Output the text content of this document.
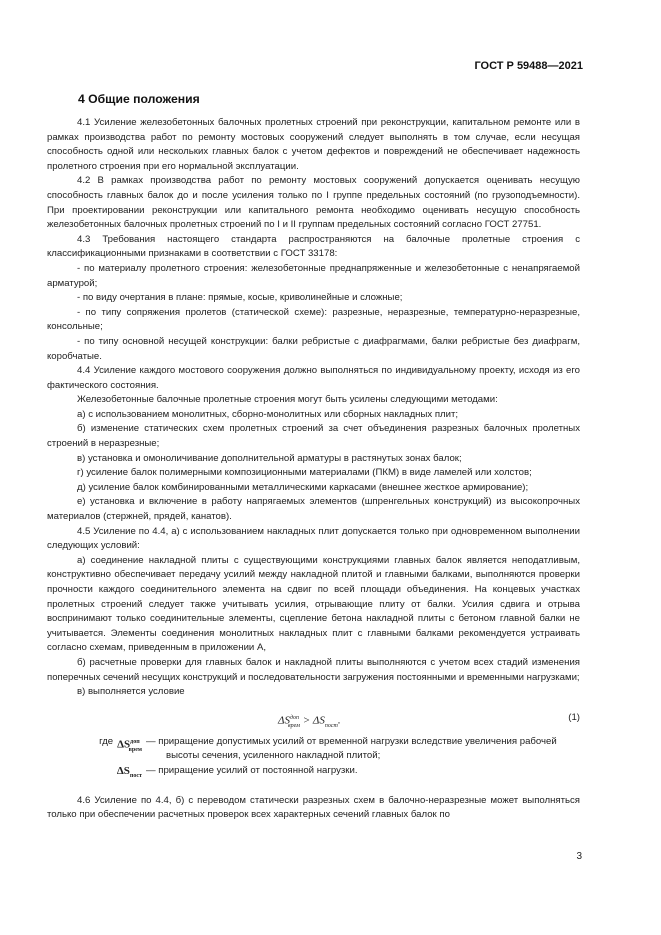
ГОСТ Р 59488—2021
4 Общие положения

4.1 Усиление железобетонных балочных пролетных строений при реконструкции, капитальном ремонте или в рамках производства работ по ремонту мостовых сооружений следует выполнять в том случае, если несущая способность одной или нескольких главных балок с учетом дефектов и повреждений не обеспечивает надежность пролетного строения при его нормальной эксплуатации.

4.2 В рамках производства работ по ремонту мостовых сооружений допускается оценивать несущую способность главных балок до и после усиления только по I группе предельных состояний (по грузоподъемности). При проектировании реконструкции или капитального ремонта необходимо оценивать несущую способность железобетонных балочных пролетных строений по I и II группам предельных состояний согласно ГОСТ 27751.

4.3 Требования настоящего стандарта распространяются на балочные пролетные строения с классификационными признаками в соответствии с ГОСТ 33178:

- по материалу пролетного строения: железобетонные преднапряженные и железобетонные с ненапрягаемой арматурой;

- по виду очертания в плане: прямые, косые, криволинейные и сложные;

- по типу сопряжения пролетов (статической схеме): разрезные, неразрезные, температурно-неразрезные, консольные;

- по типу основной несущей конструкции: балки ребристые с диафрагмами, балки ребристые без диафрагм, коробчатые.

4.4 Усиление каждого мостового сооружения должно выполняться по индивидуальному проекту, исходя из его фактического состояния.

Железобетонные балочные пролетные строения могут быть усилены следующими методами:

а) с использованием монолитных, сборно-монолитных или сборных накладных плит;

б) изменение статических схем пролетных строений за счет объединения разрезных балочных пролетных строений в неразрезные;

в) установка и омоноличивание дополнительной арматуры в растянутых зонах балок;

г) усиление балок полимерными композиционными материалами (ПКМ) в виде ламелей или холстов;

д) усиление балок комбинированными металлическими каркасами (внешнее жесткое армирование);

е) установка и включение в работу напрягаемых элементов (шпренгельных конструкций) из высокопрочных материалов (стержней, прядей, канатов).

4.5 Усиление по 4.4, а) с использованием накладных плит допускается только при одновременном выполнении следующих условий:

а) соединение накладной плиты с существующими конструкциями главных балок является неподатливым, конструктивно обеспечивает передачу усилий между накладной плитой и главными балками, выполняются проверки прочности каждого соединительного элемента на сдвиг по всей площади объединения. На концевых участках пролетных строений следует также учитывать усилия, отрывающие плиту от балки. Усилия сдвига и отрыва воспринимают только соединительные элементы, сцепление бетона накладной плиты с бетоном главной балки не учитывается. Элементы соединения монолитных накладных плит с главными балками рекомендуется устраивать согласно схемам, приведенным в приложении А,

б) расчетные проверки для главных балок и накладной плиты выполняются с учетом всех стадий изменения поперечных сечений несущих конструкций и последовательности загружения постоянными и временными нагрузками;

в) выполняется условие

$\Delta S^{доп}_{врем} > \Delta S_{пост}$.	(1)
где $\Delta S^{доп}_{врем}$
— приращение допустимых усилий от временной нагрузки вследствие увеличения рабочей
высоты сечения, усиленного накладной плитой;
$\Delta S_{пост}$
— приращение усилий от постоянной нагрузки.

4.6 Усиление по 4.4, б) с переводом статически разрезных схем в балочно-неразрезные может выполняться только при обеспечении расчетных проверок всех характерных сечений главных балок по

3
